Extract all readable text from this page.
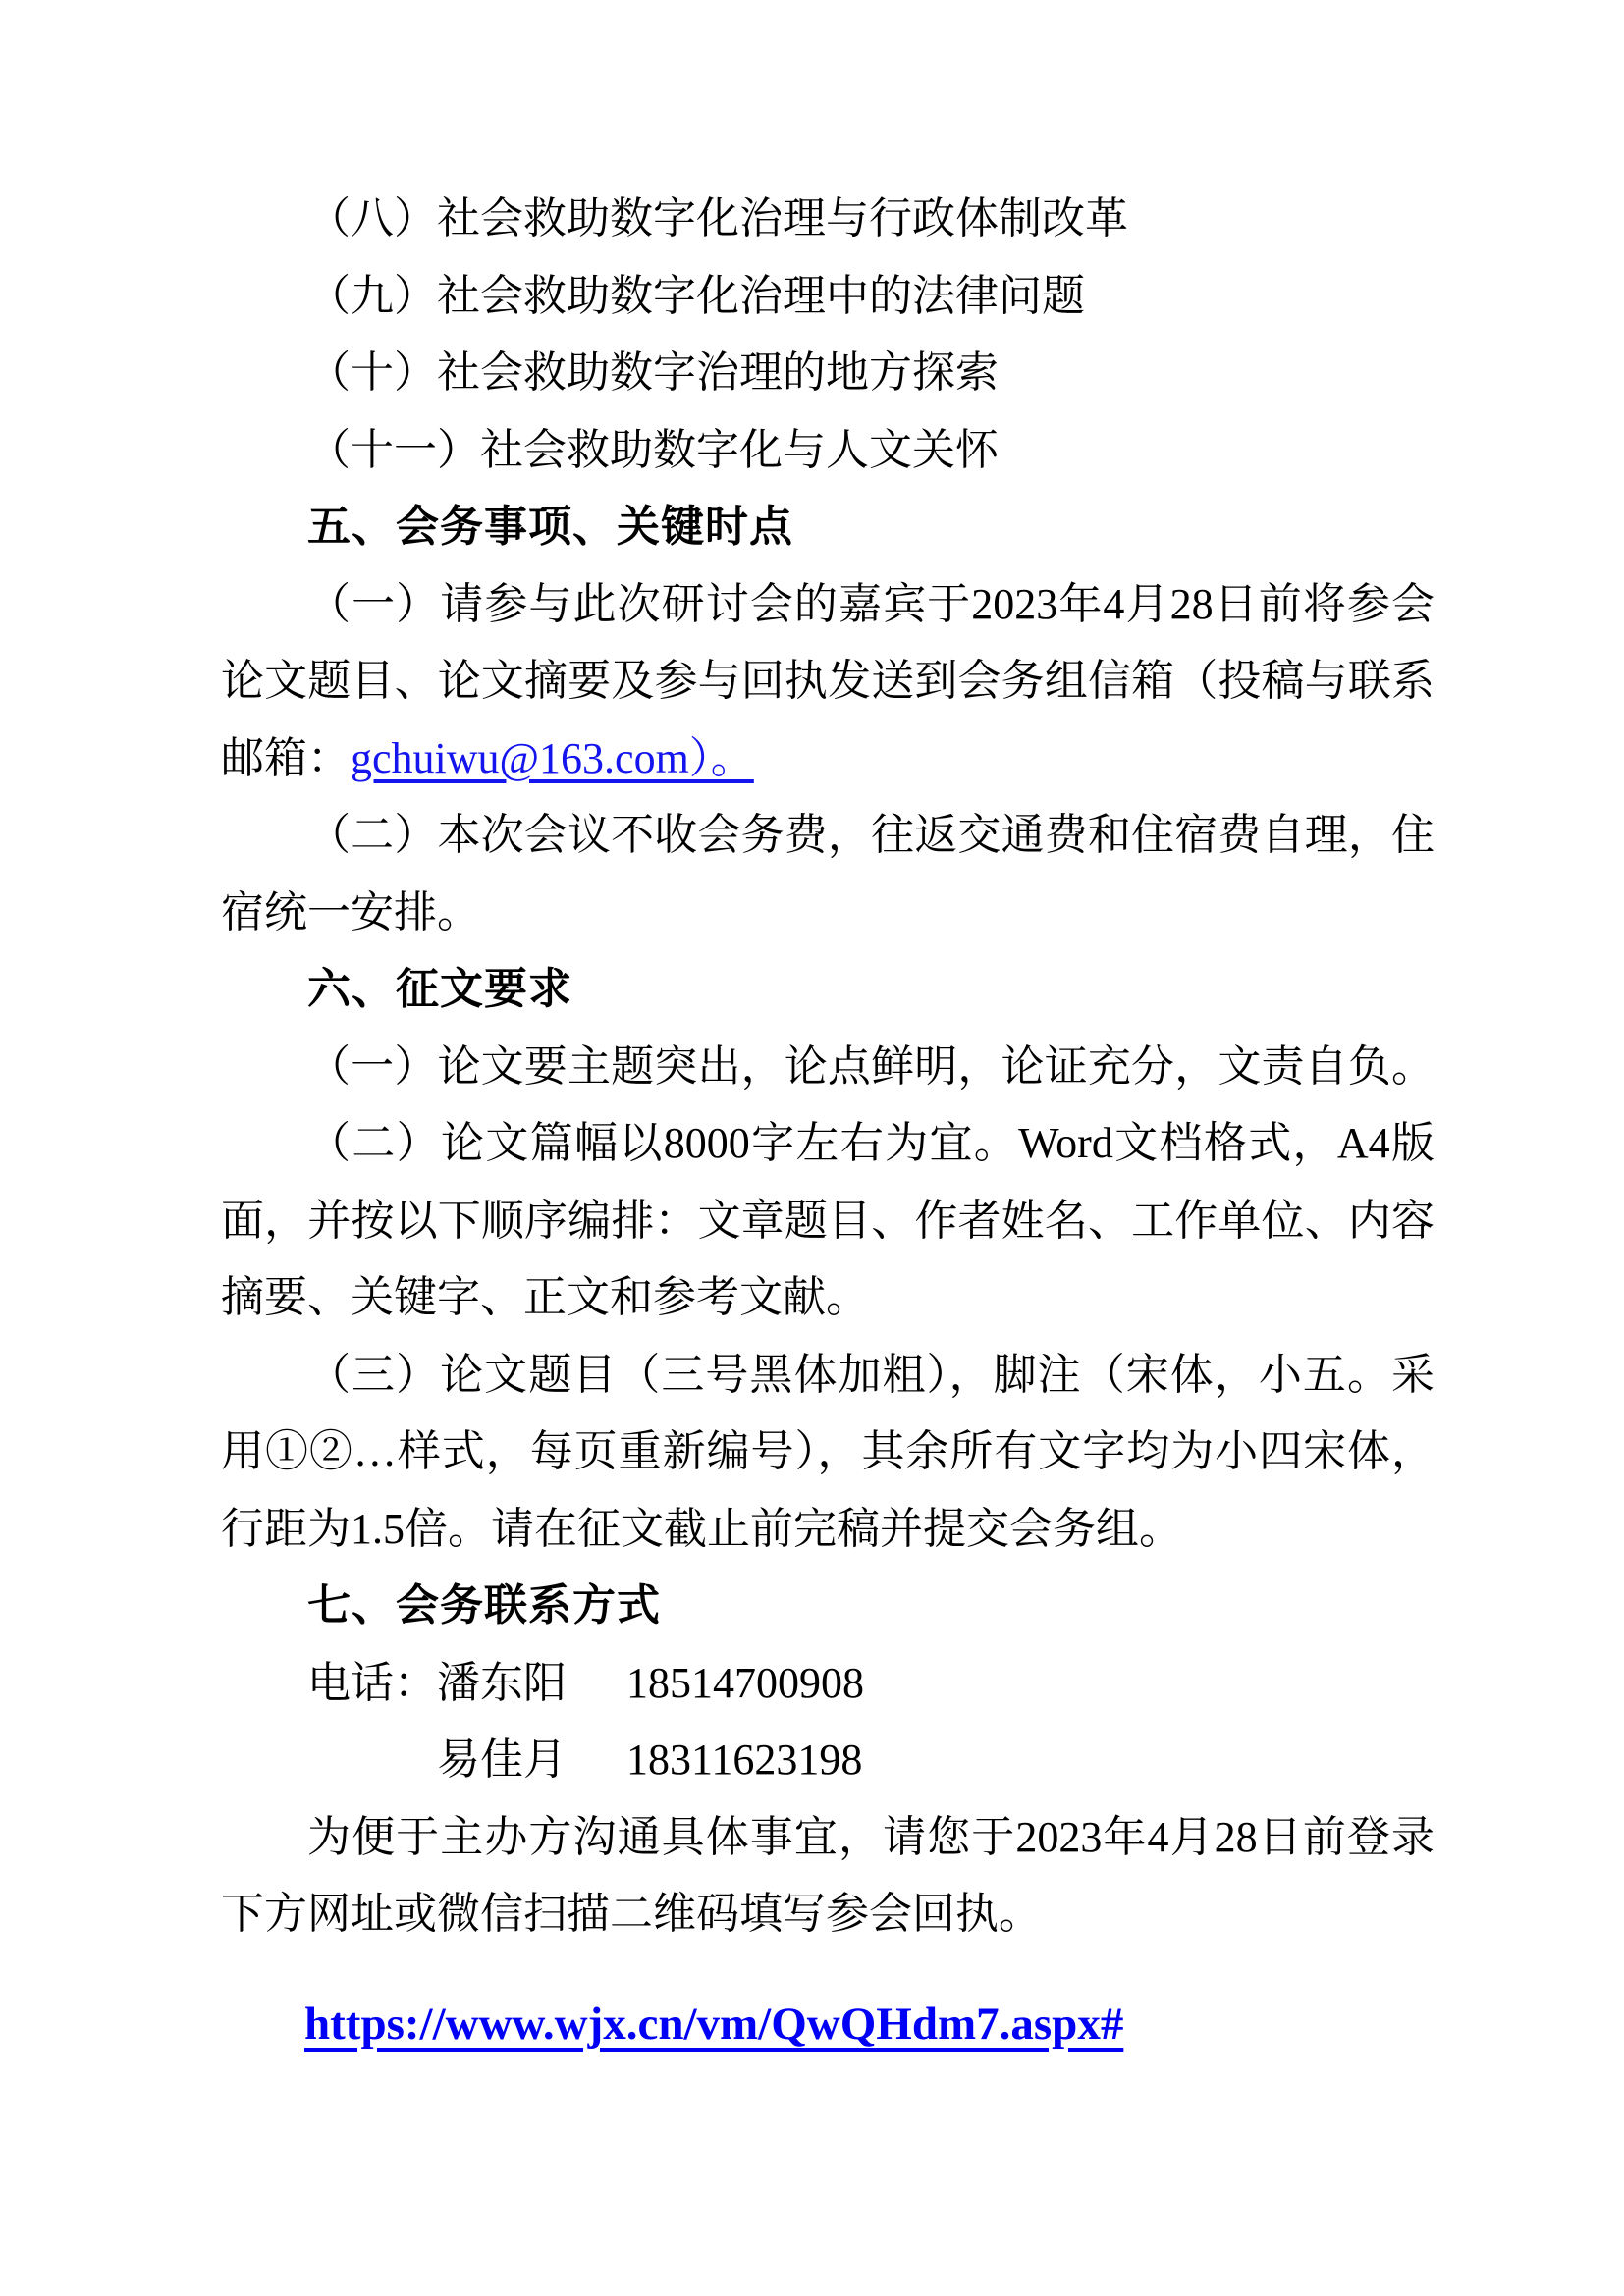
（八）社会救助数字化治理与行政体制改革
（九）社会救助数字化治理中的法律问题
（十）社会救助数字治理的地方探索
（十一）社会救助数字化与人文关怀
五、会务事项、关键时点
（一）请参与此次研讨会的嘉宾于2023年4月28日前将参会
论文题目、论文摘要及参与回执发送到会务组信箱（投稿与联系
邮箱：gchuiwu@163.com）。
（二）本次会议不收会务费，往返交通费和住宿费自理，住
宿统一安排。
六、征文要求
（一）论文要主题突出，论点鲜明，论证充分，文责自负。
（二）论文篇幅以8000字左右为宜。Word文档格式，A4版
面，并按以下顺序编排：文章题目、作者姓名、工作单位、内容
摘要、关键字、正文和参考文献。
（三）论文题目（三号黑体加粗），脚注（宋体，小五。采
用①②…样式，每页重新编号），其余所有文字均为小四宋体，
行距为1.5倍。请在征文截止前完稿并提交会务组。
七、会务联系方式
电话：潘东阳 18514700908
易佳月 18311623198
为便于主办方沟通具体事宜，请您于2023年4月28日前登录
下方网址或微信扫描二维码填写参会回执。
https://www.wjx.cn/vm/QwQHdm7.aspx#
